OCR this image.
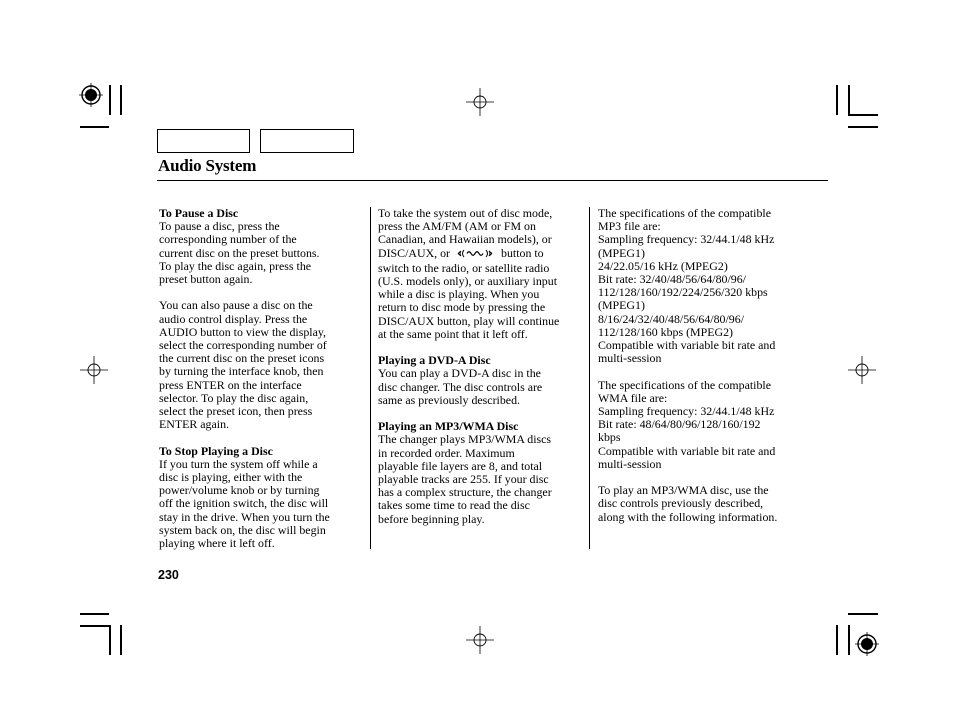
Audio System
To Pause a Disc

To pause a disc, press the

corresponding number of the

current disc on the preset buttons.

To play the disc again, press the

preset button again.

You can also pause a disc on the

audio control display. Press the

AUDIO button to view the display,

select the corresponding number of

the current disc on the preset icons

by turning the interface knob, then

press ENTER on the interface

selector. To play the disc again,

select the preset icon, then press

ENTER again.

To Stop Playing a Disc

If you turn the system off while a

disc is playing, either with the

power/volume knob or by turning

off the ignition switch, the disc will

stay in the drive. When you turn the

system back on, the disc will begin

playing where it left off.

To take the system out of disc mode,

press the AM/FM (AM or FM on

Canadian, and Hawaiian models), or

DISC/AUX, or	button to

switch to the radio, or satellite radio

(U.S. models only), or auxiliary input

while a disc is playing. When you

return to disc mode by pressing the

DISC/AUX button, play will continue

at the same point that it left off.

Playing a DVD-A Disc

You can play a DVD-A disc in the

disc changer. The disc controls are

same as previously described.

Playing an MP3/WMA Disc

The changer plays MP3/WMA discs

in recorded order. Maximum

playable file layers are 8, and total

playable tracks are 255. If your disc

has a complex structure, the changer

takes some time to read the disc

before beginning play.

The specifications of the compatible

MP3 file are:

Sampling frequency: 32/44.1/48 kHz

(MPEG1)

24/22.05/16 kHz (MPEG2)

Bit rate: 32/40/48/56/64/80/96/

112/128/160/192/224/256/320 kbps

(MPEG1)

8/16/24/32/40/48/56/64/80/96/

112/128/160 kbps (MPEG2)

Compatible with variable bit rate and

multi-session

The specifications of the compatible

WMA file are:

Sampling frequency: 32/44.1/48 kHz

Bit rate: 48/64/80/96/128/160/192

kbps

Compatible with variable bit rate and

multi-session

To play an MP3/WMA disc, use the

disc controls previously described,

along with the following information.

230
